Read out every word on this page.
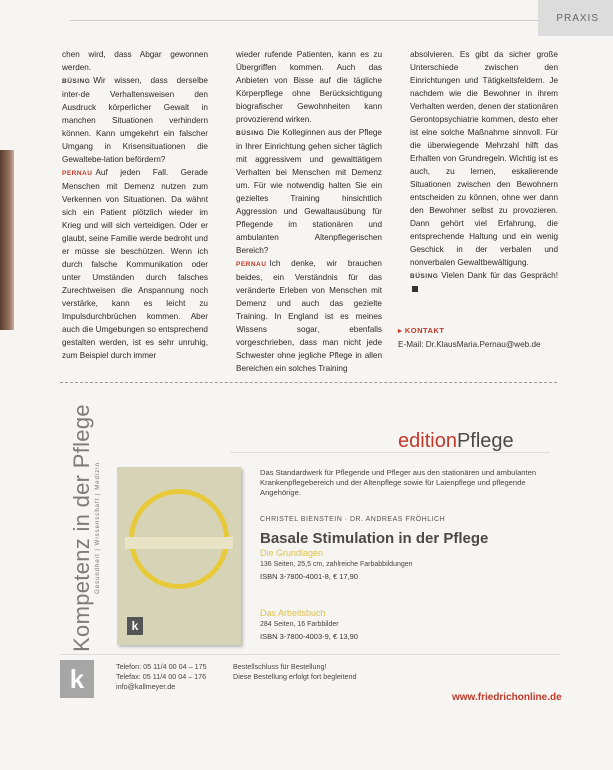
PRAXIS

chen wird, dass Abgar gewonnen werden.

BÜSING Wir wissen, dass derselbe inter-de Verhaltensweisen den Ausdruck körperlicher Gewalt in manchen Situationen verhindern können. Kann umgekehrt ein falscher Umgang in Krisensituationen die Gewaltebe-lation befördern?

PERNAU Auf jeden Fall. Gerade Menschen mit Demenz nutzen zum Verkennen von Situationen. Da wähnt sich ein Patient plötzlich wieder im Krieg und will sich verteidigen. Oder er glaubt, seine Familie werde bedroht und er müsse sie beschützen. Wenn ich durch falsche Kommunikation oder unter Umständen durch falsches Zurechtweisen die Anspannung noch verstärke, kann es leicht zu Impulsdurchbrüchen kommen. Aber auch die Umgebungen so entsprechend gestalten werden, ist es sehr unruhig, zum Beispiel durch immer

wieder rufende Patienten, kann es zu Übergriffen kommen. Auch das Anbieten von Bisse auf die tägliche Körperpflege ohne Berücksichtigung biografischer Gewohnheiten kann provozierend wirken.

BÜSING Die Kolleginnen aus der Pflege in Ihrer Einrichtung gehen sicher täglich mit aggressivem und gewalttätigem Verhalten bei Menschen mit Demenz um. Für wie notwendig halten Sie ein gezieltes Training hinsichtlich Aggression und Gewaltausübung für Pflegende im stationären und ambulanten Altenpflegerischen Bereich?

PERNAU Ich denke, wir brauchen beides, ein Verständnis für das veränderte Erleben von Menschen mit Demenz und auch das gezielte Training. In England ist es meines Wissens sogar, ebenfalls vorgeschrieben, dass man nicht jede Schwester ohne jegliche Pflege in allen Bereichen ein solches Training

absolvieren. Es gibt da sicher große Unterschiede zwischen den Einrichtungen und Tätigkeitsfeldern. Je nachdem wie die Bewohner in ihrem Verhalten werden, denen der stationären Gerontopsychiatrie kommen, desto eher ist eine solche Maßnahme sinnvoll. Für die überwiegende Mehrzahl hilft das Erhalten von Grundregeln. Wichtig ist es auch, zu lernen, eskalierende Situationen zwischen den Bewohnern entscheiden zu können, ohne wer dann den Bewohner selbst zu provozieren. Dann gehört viel Erfahrung, die entsprechende Haltung und ein wenig Geschick in der verbalen und nonverbalen Gewaltbewältigung.

BÜSING Vielen Dank für das Gespräch!

▸ KONTAKT
E-Mail: Dr.KlausMaria.Pernau@web.de
Kompetenz in der Pflege Gesundheit | Wissenschaft | Medizin
editionPflege
Das Standardwerk für Pflegende und Pfleger aus den stationären und ambulanten Krankenpflegebereich und der Altenpflege sowie für Laienpflege und pflegende Angehörige.
k
CHRISTEL BIENSTEIN · DR. ANDREAS FRÖHLICH
Basale Stimulation in der Pflege
Die Grundlagen
136 Seiten, 25,5 cm, zahlreiche Farbabbildungen
ISBN 3-7800-4001-8, € 17,90
Das Arbeitsbuch
284 Seiten, 16 Farbbilder
ISBN 3-7800-4003-9, € 13,90
k	Telefon: 05 11/4 00 04 – 175
Telefax: 05 11/4 00 04 – 176
info@kallmeyer.de
Bestellschluss für Bestellung!
Diese Bestellung erfolgt fort begleitend
www.friedrichonline.de
